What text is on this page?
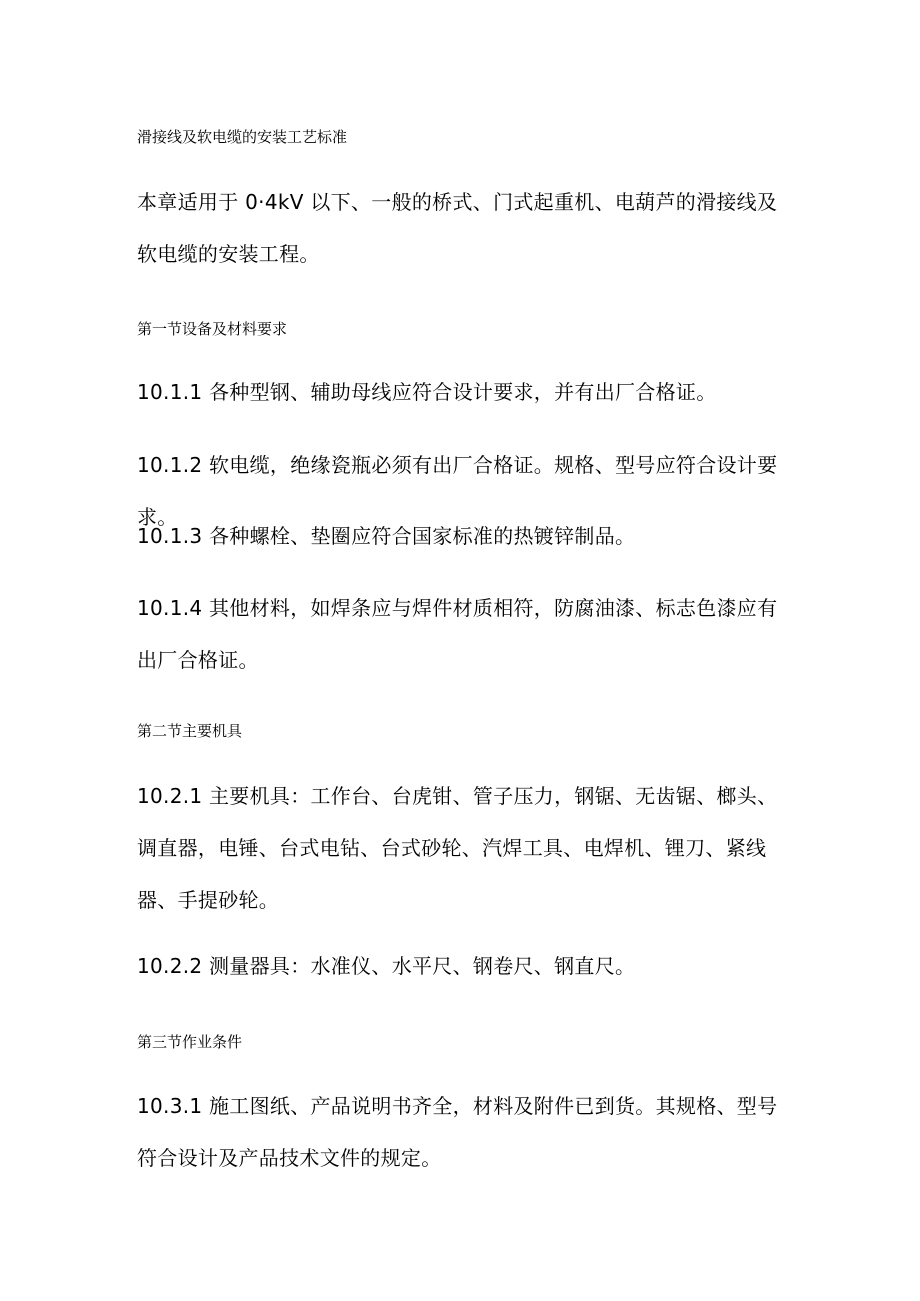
滑接线及软电缆的安装工艺标准
本章适用于 0·4kV 以下、一般的桥式、门式起重机、电葫芦的滑接线及软电缆的安装工程。
第一节设备及材料要求
10.1.1 各种型钢、辅助母线应符合设计要求，并有出厂合格证。
10.1.2 软电缆，绝缘瓷瓶必须有出厂合格证。规格、型号应符合设计要求。
10.1.3 各种螺栓、垫圈应符合国家标准的热镀锌制品。
10.1.4 其他材料，如焊条应与焊件材质相符，防腐油漆、标志色漆应有出厂合格证。
第二节主要机具
10.2.1 主要机具：工作台、台虎钳、管子压力，钢锯、无齿锯、榔头、调直器，电锤、台式电钻、台式砂轮、汽焊工具、电焊机、锂刀、紧线器、手提砂轮。
10.2.2 测量器具：水准仪、水平尺、钢卷尺、钢直尺。
第三节作业条件
10.3.1 施工图纸、产品说明书齐全，材料及附件已到货。其规格、型号符合设计及产品技术文件的规定。
